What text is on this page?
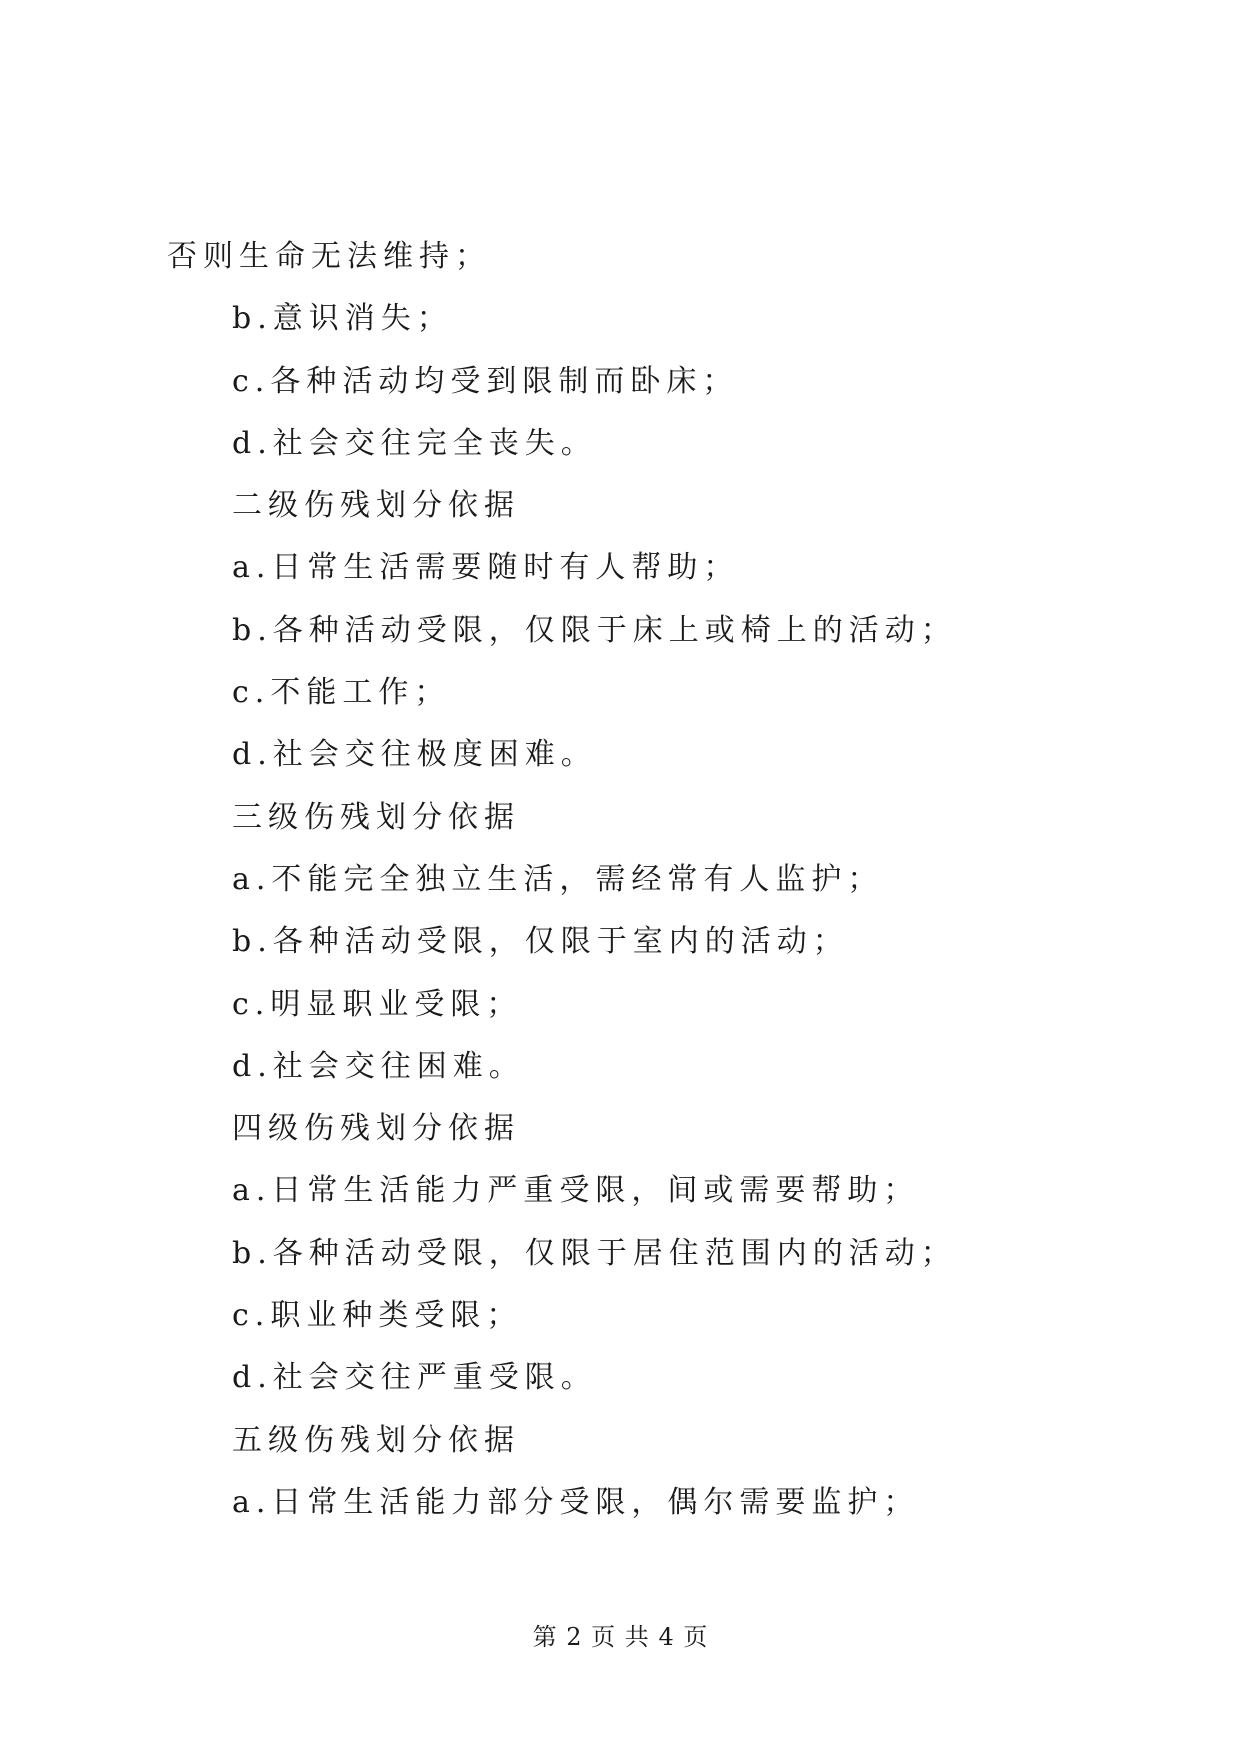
否则生命无法维持；
b.意识消失；
c.各种活动均受到限制而卧床；
d.社会交往完全丧失。
二级伤残划分依据
a.日常生活需要随时有人帮助；
b.各种活动受限，仅限于床上或椅上的活动；
c.不能工作；
d.社会交往极度困难。
三级伤残划分依据
a.不能完全独立生活，需经常有人监护；
b.各种活动受限，仅限于室内的活动；
c.明显职业受限；
d.社会交往困难。
四级伤残划分依据
a.日常生活能力严重受限，间或需要帮助；
b.各种活动受限，仅限于居住范围内的活动；
c.职业种类受限；
d.社会交往严重受限。
五级伤残划分依据
a.日常生活能力部分受限，偶尔需要监护；
第 2 页 共 4 页
